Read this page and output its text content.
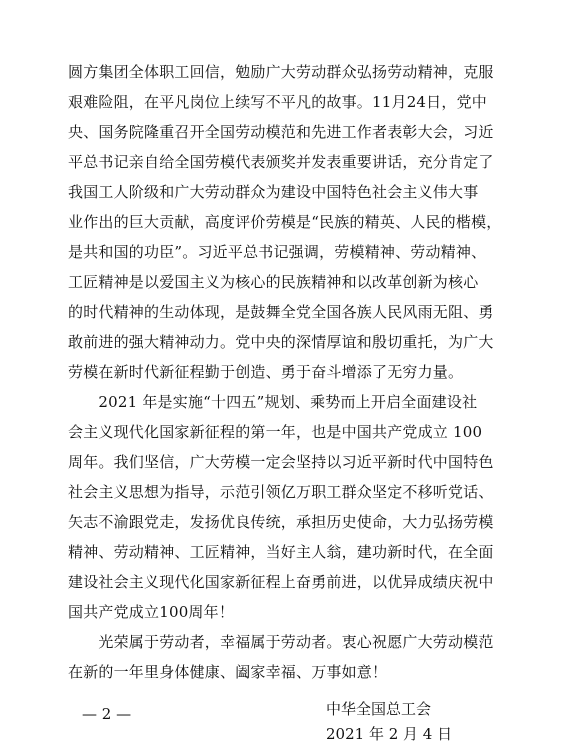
圆方集团全体职工回信，勉励广大劳动群众弘扬劳动精神，克服
艰难险阻，在平凡岗位上续写不平凡的故事。11月24日，党中
央、国务院隆重召开全国劳动模范和先进工作者表彰大会，习近
平总书记亲自给全国劳模代表颁奖并发表重要讲话，充分肯定了
我国工人阶级和广大劳动群众为建设中国特色社会主义伟大事
业作出的巨大贡献，高度评价劳模是“民族的精英、人民的楷模，
是共和国的功臣”。习近平总书记强调，劳模精神、劳动精神、
工匠精神是以爱国主义为核心的民族精神和以改革创新为核心
的时代精神的生动体现，是鼓舞全党全国各族人民风雨无阻、勇
敢前进的强大精神动力。党中央的深情厚谊和殷切重托，为广大
劳模在新时代新征程勤于创造、勇于奋斗增添了无穷力量。
　　2021 年是实施“十四五”规划、乘势而上开启全面建设社
会主义现代化国家新征程的第一年，也是中国共产党成立 100
周年。我们坚信，广大劳模一定会坚持以习近平新时代中国特色
社会主义思想为指导，示范引领亿万职工群众坚定不移听党话、
矢志不渝跟党走，发扬优良传统，承担历史使命，大力弘扬劳模
精神、劳动精神、工匠精神，当好主人翁，建功新时代，在全面
建设社会主义现代化国家新征程上奋勇前进，以优异成绩庆祝中
国共产党成立100周年！
　　光荣属于劳动者，幸福属于劳动者。衷心祝愿广大劳动模范
在新的一年里身体健康、阖家幸福、万事如意！
中华全国总工会
2021 年 2 月 4 日
— 2 —
